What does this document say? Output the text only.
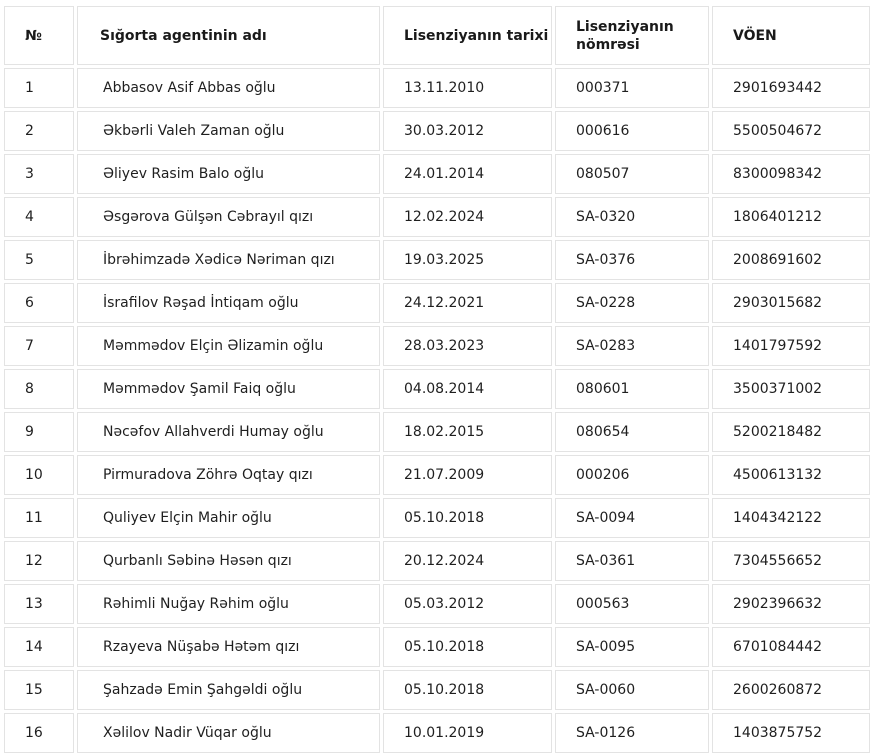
№	Sığorta agentinin adı	Lisenziyanın tarixi	Lisenziyanın nömrəsi	VÖEN
1	Abbasov Asif Abbas oğlu	13.11.2010	000371	2901693442
2	Əkbərli Valeh Zaman oğlu	30.03.2012	000616	5500504672
3	Əliyev Rasim Balo oğlu	24.01.2014	080507	8300098342
4	Əsgərova Gülşən Cəbrayıl qızı	12.02.2024	SA-0320	1806401212
5	İbrəhimzadə Xədicə Nəriman qızı	19.03.2025	SA-0376	2008691602
6	İsrafilov Rəşad İntiqam oğlu	24.12.2021	SA-0228	2903015682
7	Məmmədov Elçin Əlizamin oğlu	28.03.2023	SA-0283	1401797592
8	Məmmədov Şamil Faiq oğlu	04.08.2014	080601	3500371002
9	Nəcəfov Allahverdi Humay oğlu	18.02.2015	080654	5200218482
10	Pirmuradova Zöhrə Oqtay qızı	21.07.2009	000206	4500613132
11	Quliyev Elçin Mahir oğlu	05.10.2018	SA-0094	1404342122
12	Qurbanlı Səbinə Həsən qızı	20.12.2024	SA-0361	7304556652
13	Rəhimli Nuğay Rəhim oğlu	05.03.2012	000563	2902396632
14	Rzayeva Nüşabə Hətəm qızı	05.10.2018	SA-0095	6701084442
15	Şahzadə Emin Şahgəldi oğlu	05.10.2018	SA-0060	2600260872
16	Xəlilov Nadir Vüqar oğlu	10.01.2019	SA-0126	1403875752
